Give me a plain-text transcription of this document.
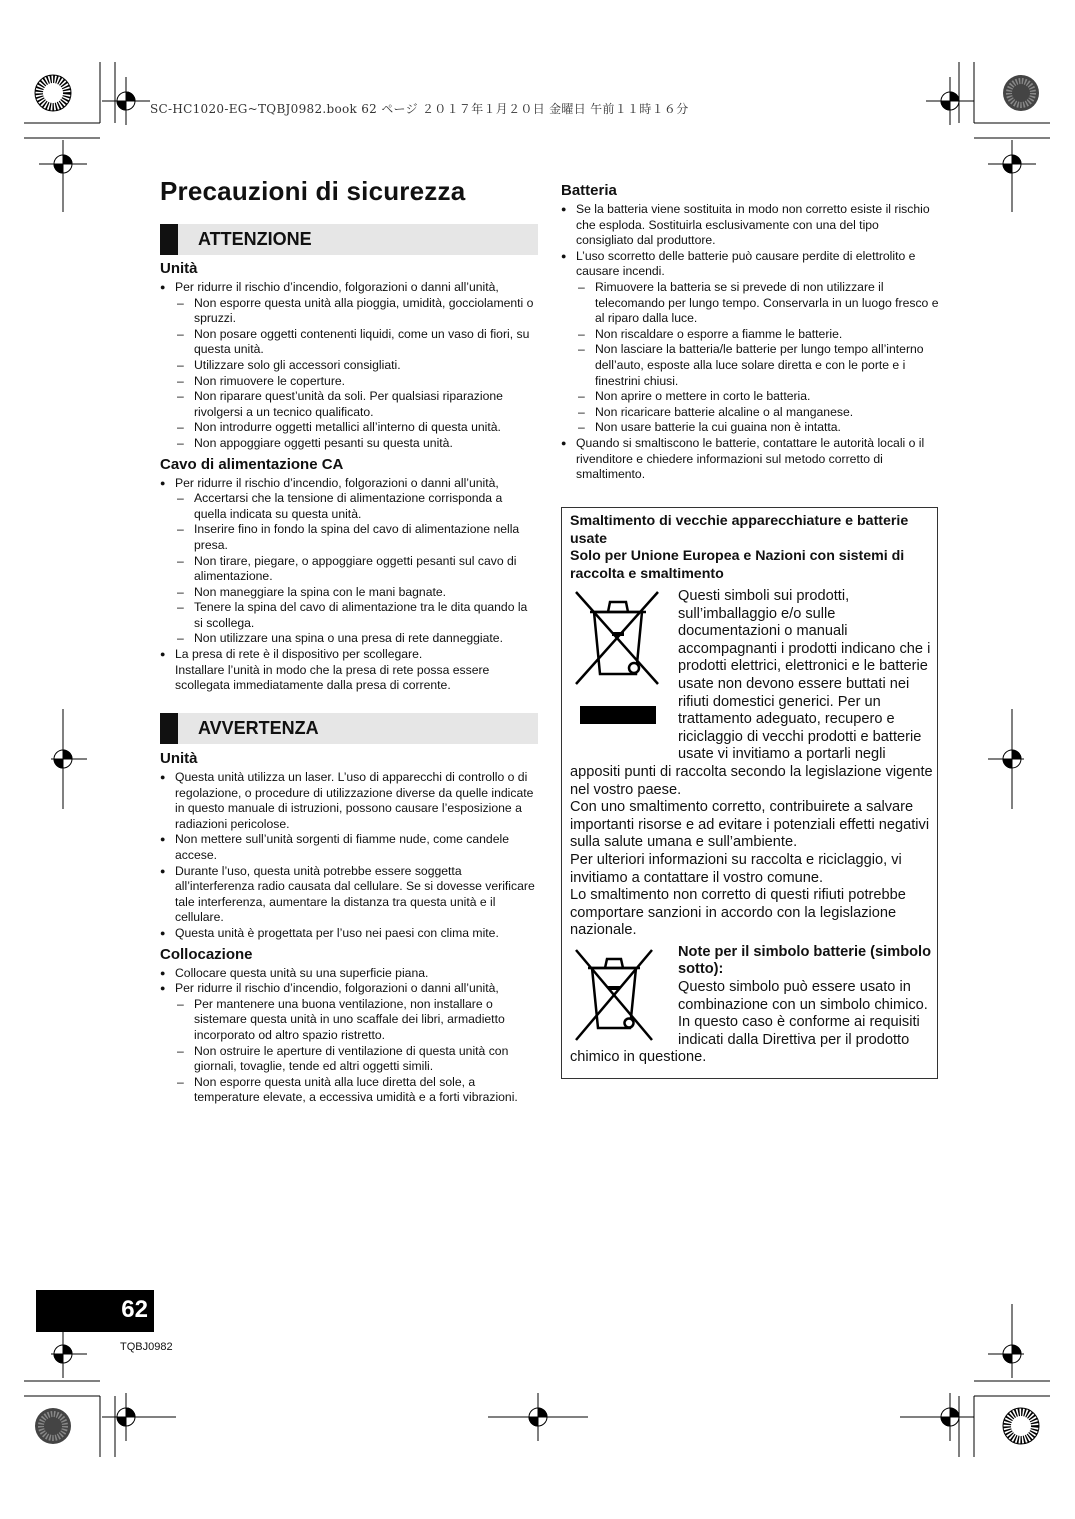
SC-HC1020-EG~TQBJ0982.book 62 ページ ２０１７年１月２０日 金曜日 午前１１時１６分
Precauzioni di sicurezza
ATTENZIONE
Unità
● Per ridurre il rischio d’incendio, folgorazioni o danni all’unità,
– Non esporre questa unità alla pioggia, umidità, gocciolamenti o spruzzi.
– Non posare oggetti contenenti liquidi, come un vaso di fiori, su questa unità.
– Utilizzare solo gli accessori consigliati.
– Non rimuovere le coperture.
– Non riparare quest’unità da soli. Per qualsiasi riparazione rivolgersi a un tecnico qualificato.
– Non introdurre oggetti metallici all’interno di questa unità.
– Non appoggiare oggetti pesanti su questa unità.
Cavo di alimentazione CA
● Per ridurre il rischio d’incendio, folgorazioni o danni all’unità,
– Accertarsi che la tensione di alimentazione corrisponda a quella indicata su questa unità.
– Inserire fino in fondo la spina del cavo di alimentazione nella presa.
– Non tirare, piegare, o appoggiare oggetti pesanti sul cavo di alimentazione.
– Non maneggiare la spina con le mani bagnate.
– Tenere la spina del cavo di alimentazione tra le dita quando la si scollega.
– Non utilizzare una spina o una presa di rete danneggiate.
● La presa di rete è il dispositivo per scollegare.
Installare l’unità in modo che la presa di rete possa essere scollegata immediatamente dalla presa di corrente.
AVVERTENZA
Unità
● Questa unità utilizza un laser. L’uso di apparecchi di controllo o di regolazione, o procedure di utilizzazione diverse da quelle indicate in questo manuale di istruzioni, possono causare l’esposizione a radiazioni pericolose.
● Non mettere sull’unità sorgenti di fiamme nude, come candele accese.
● Durante l’uso, questa unità potrebbe essere soggetta all’interferenza radio causata dal cellulare. Se si dovesse verificare tale interferenza, aumentare la distanza tra questa unità e il cellulare.
● Questa unità è progettata per l’uso nei paesi con clima mite.
Collocazione
● Collocare questa unità su una superficie piana.
● Per ridurre il rischio d’incendio, folgorazioni o danni all’unità,
– Per mantenere una buona ventilazione, non installare o sistemare questa unità in uno scaffale dei libri, armadietto incorporato od altro spazio ristretto.
– Non ostruire le aperture di ventilazione di questa unità con giornali, tovaglie, tende ed altri oggetti simili.
– Non esporre questa unità alla luce diretta del sole, a temperature elevate, a eccessiva umidità e a forti vibrazioni.
Batteria
● Se la batteria viene sostituita in modo non corretto esiste il rischio che esploda. Sostituirla esclusivamente con una del tipo consigliato dal produttore.
● L’uso scorretto delle batterie può causare perdite di elettrolito e causare incendi.
– Rimuovere la batteria se si prevede di non utilizzare il telecomando per lungo tempo. Conservarla in un luogo fresco e al riparo dalla luce.
– Non riscaldare o esporre a fiamme le batterie.
– Non lasciare la batteria/le batterie per lungo tempo all’interno dell’auto, esposte alla luce solare diretta e con le porte e i finestrini chiusi.
– Non aprire o mettere in corto le batteria.
– Non ricaricare batterie alcaline o al manganese.
– Non usare batterie la cui guaina non è intatta.
● Quando si smaltiscono le batterie, contattare le autorità locali o il rivenditore e chiedere informazioni sul metodo corretto di smaltimento.
Smaltimento di vecchie apparecchiature e batterie usate
Solo per Unione Europea e Nazioni con sistemi di raccolta e smaltimento
Questi simboli sui prodotti, sull’imballaggio e/o sulle documentazioni o manuali accompagnanti i prodotti indicano che i prodotti elettrici, elettronici e le batterie usate non devono essere buttati nei rifiuti domestici generici. Per un trattamento adeguato, recupero e riciclaggio di vecchi prodotti e batterie usate vi invitiamo a portarli negli appositi punti di raccolta secondo la legislazione vigente nel vostro paese.
Con uno smaltimento corretto, contribuirete a salvare importanti risorse e ad evitare i potenziali effetti negativi sulla salute umana e sull’ambiente.
Per ulteriori informazioni su raccolta e riciclaggio, vi invitiamo a contattare il vostro comune.
Lo smaltimento non corretto di questi rifiuti potrebbe comportare sanzioni in accordo con la legislazione nazionale.
Note per il simbolo batterie (simbolo sotto):
Questo simbolo può essere usato in combinazione con un simbolo chimico. In questo caso è conforme ai requisiti indicati dalla Direttiva per il prodotto chimico in questione.
62
TQBJ0982
